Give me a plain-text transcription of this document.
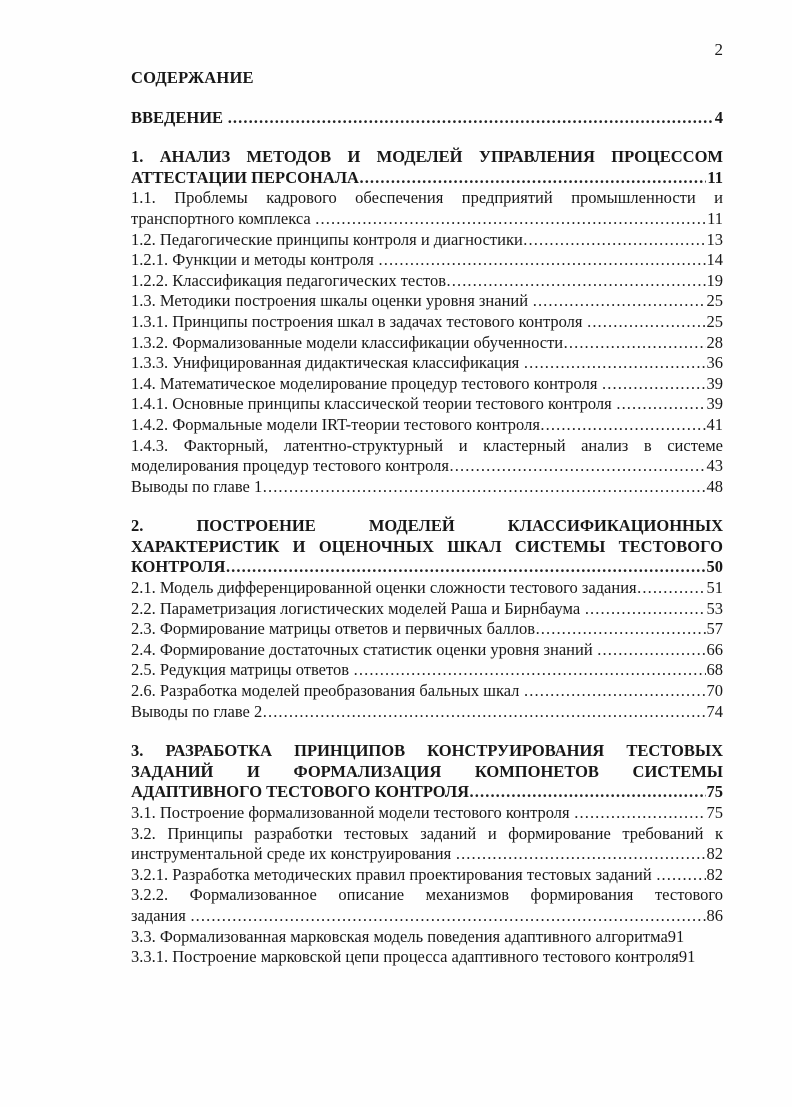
2
СОДЕРЖАНИЕ
ВВЕДЕНИЕ .....	4
1. АНАЛИЗ МЕТОДОВ И МОДЕЛЕЙ УПРАВЛЕНИЯ ПРОЦЕССОМ
АТТЕСТАЦИИ ПЕРСОНАЛА .....	11
1.1. Проблемы кадрового обеспечения предприятий промышленности и
транспортного комплекса .....	11
1.2. Педагогические принципы контроля и диагностики .....	13
1.2.1. Функции и методы контроля .....	14
1.2.2. Классификация педагогических тестов .....	19
1.3. Методики построения шкалы оценки уровня знаний .....	25
1.3.1. Принципы построения шкал в задачах тестового контроля .....	25
1.3.2. Формализованные модели классификации обученности .....	28
1.3.3. Унифицированная дидактическая классификация .....	36
1.4. Математическое моделирование процедур тестового контроля .....	39
1.4.1. Основные принципы классической теории тестового контроля .....	39
1.4.2. Формальные модели IRT-теории тестового контроля .....	41
1.4.3. Факторный, латентно-структурный и кластерный анализ в системе
моделирования процедур тестового контроля .....	43
Выводы по главе 1 .....	48
2. ПОСТРОЕНИЕ МОДЕЛЕЙ КЛАССИФИКАЦИОННЫХ
ХАРАКТЕРИСТИК И ОЦЕНОЧНЫХ ШКАЛ СИСТЕМЫ ТЕСТОВОГО
КОНТРОЛЯ .....	50
2.1. Модель дифференцированной оценки сложности тестового задания .....	51
2.2. Параметризация логистических моделей Раша и Бирнбаума .....	53
2.3. Формирование матрицы ответов и первичных баллов .....	57
2.4. Формирование достаточных статистик оценки уровня знаний .....	66
2.5. Редукция матрицы ответов .....	68
2.6. Разработка моделей преобразования бальных шкал .....	70
Выводы по главе 2 .....	74
3. РАЗРАБОТКА ПРИНЦИПОВ КОНСТРУИРОВАНИЯ ТЕСТОВЫХ
ЗАДАНИЙ И ФОРМАЛИЗАЦИЯ КОМПОНЕТОВ СИСТЕМЫ
АДАПТИВНОГО ТЕСТОВОГО КОНТРОЛЯ .....	75
3.1. Построение формализованной модели тестового контроля .....	75
3.2. Принципы разработки тестовых заданий и формирование требований к
инструментальной среде их конструирования .....	82
3.2.1. Разработка методических правил проектирования тестовых заданий .....	82
3.2.2. Формализованное описание механизмов формирования тестового
задания .....	86
3.3. Формализованная марковская модель поведения адаптивного алгоритма 91
3.3.1. Построение марковской цепи процесса адаптивного тестового контроля 91
